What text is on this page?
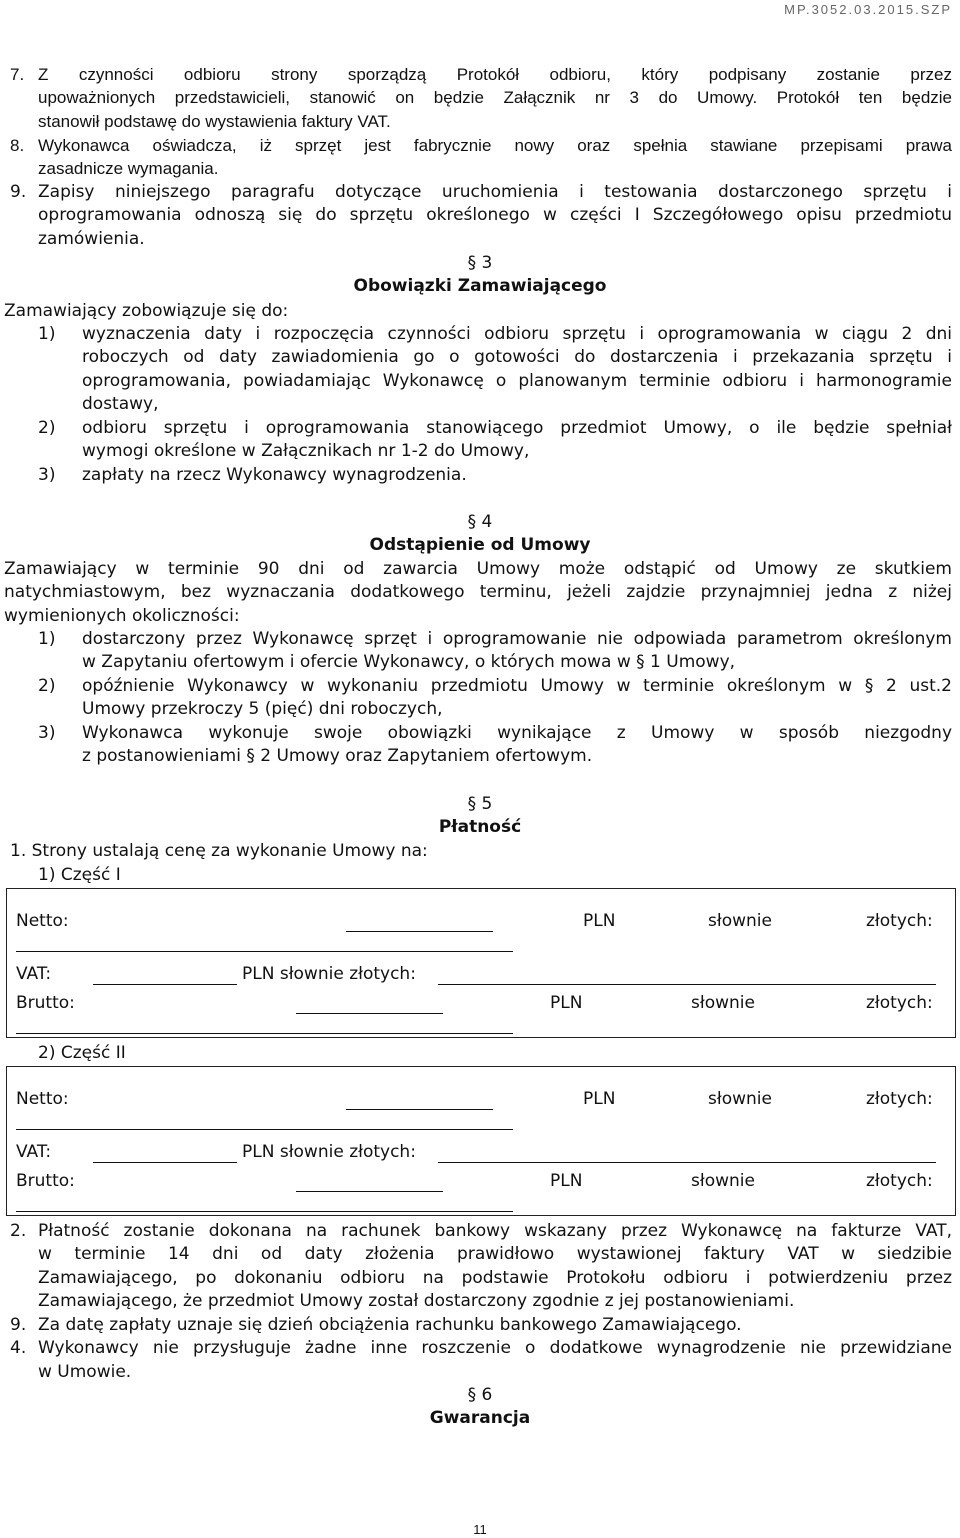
MP.3052.03.2015.SZP
7. Z czynności odbioru strony sporządzą Protokół odbioru, który podpisany zostanie przez
upoważnionych przedstawicieli, stanowić on będzie Załącznik nr 3 do Umowy. Protokół ten będzie
stanowił podstawę do wystawienia faktury VAT.
8. Wykonawca oświadcza, iż sprzęt jest fabrycznie nowy oraz spełnia stawiane przepisami prawa
zasadnicze wymagania.
9. Zapisy niniejszego paragrafu dotyczące uruchomienia i testowania dostarczonego sprzętu i
oprogramowania odnoszą się do sprzętu określonego w części I Szczegółowego opisu przedmiotu
zamówienia.
§ 3
Obowiązki Zamawiającego
Zamawiający zobowiązuje się do:
1) wyznaczenia daty i rozpoczęcia czynności odbioru sprzętu i oprogramowania w ciągu 2 dni
roboczych od daty zawiadomienia go o gotowości do dostarczenia i przekazania sprzętu i
oprogramowania, powiadamiając Wykonawcę o planowanym terminie odbioru i harmonogramie
dostawy,
2) odbioru sprzętu i oprogramowania stanowiącego przedmiot Umowy, o ile będzie spełniał
wymogi określone w Załącznikach nr 1-2 do Umowy,
3) zapłaty na rzecz Wykonawcy wynagrodzenia.
§ 4
Odstąpienie od Umowy
Zamawiający w terminie 90 dni od zawarcia Umowy może odstąpić od Umowy ze skutkiem
natychmiastowym, bez wyznaczania dodatkowego terminu, jeżeli zajdzie przynajmniej jedna z niżej
wymienionych okoliczności:
1) dostarczony przez Wykonawcę sprzęt i oprogramowanie nie odpowiada parametrom określonym
w Zapytaniu ofertowym i ofercie Wykonawcy, o których mowa w § 1 Umowy,
2) opóźnienie Wykonawcy w wykonaniu przedmiotu Umowy w terminie określonym w § 2 ust.2
Umowy przekroczy 5 (pięć) dni roboczych,
3) Wykonawca wykonuje swoje obowiązki wynikające z Umowy w sposób niezgodny
z postanowieniami § 2 Umowy oraz Zapytaniem ofertowym.
§ 5
Płatność
1. Strony ustalają cenę za wykonanie Umowy na:
1) Część I
Netto:	PLN	słownie	złotych:
VAT:	PLN słownie złotych:
Brutto:	PLN	słownie	złotych:
2) Część II
Netto:	PLN	słownie	złotych:
VAT:	PLN słownie złotych:
Brutto:	PLN	słownie	złotych:
2. Płatność zostanie dokonana na rachunek bankowy wskazany przez Wykonawcę na fakturze VAT,
w terminie 14 dni od daty złożenia prawidłowo wystawionej faktury VAT w siedzibie
Zamawiającego, po dokonaniu odbioru na podstawie Protokołu odbioru i potwierdzeniu przez
Zamawiającego, że przedmiot Umowy został dostarczony zgodnie z jej postanowieniami.
9. Za datę zapłaty uznaje się dzień obciążenia rachunku bankowego Zamawiającego.
4. Wykonawcy nie przysługuje żadne inne roszczenie o dodatkowe wynagrodzenie nie przewidziane
w Umowie.
§ 6
Gwarancja
11
